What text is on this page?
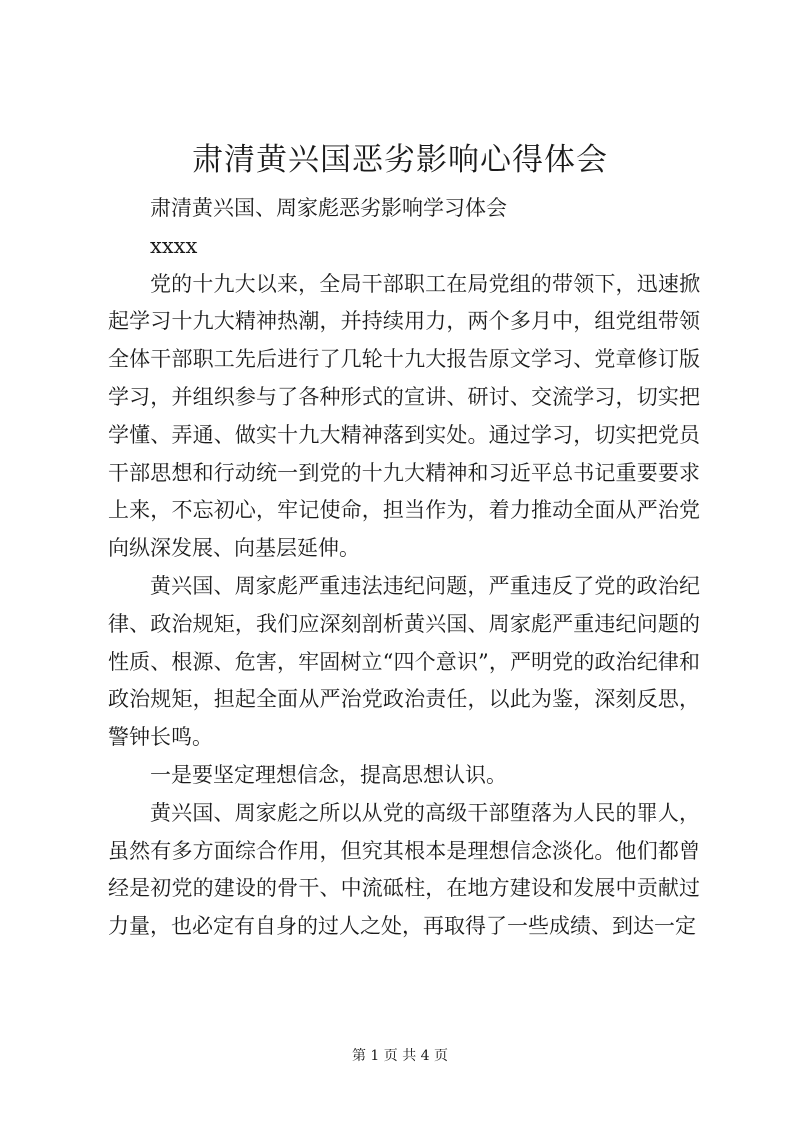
肃清黄兴国恶劣影响心得体会

肃清黄兴国、周家彪恶劣影响学习体会

xxxx

党的十九大以来，全局干部职工在局党组的带领下，迅速掀起学习十九大精神热潮，并持续用力，两个多月中，组党组带领全体干部职工先后进行了几轮十九大报告原文学习、党章修订版学习，并组织参与了各种形式的宣讲、研讨、交流学习，切实把学懂、弄通、做实十九大精神落到实处。通过学习，切实把党员干部思想和行动统一到党的十九大精神和习近平总书记重要要求上来，不忘初心，牢记使命，担当作为，着力推动全面从严治党向纵深发展、向基层延伸。

黄兴国、周家彪严重违法违纪问题，严重违反了党的政治纪律、政治规矩，我们应深刻剖析黄兴国、周家彪严重违纪问题的性质、根源、危害，牢固树立“四个意识”，严明党的政治纪律和政治规矩，担起全面从严治党政治责任，以此为鉴，深刻反思，警钟长鸣。

一是要坚定理想信念，提高思想认识。

黄兴国、周家彪之所以从党的高级干部堕落为人民的罪人，虽然有多方面综合作用，但究其根本是理想信念淡化。他们都曾经是初党的建设的骨干、中流砥柱，在地方建设和发展中贡献过力量，也必定有自身的过人之处，再取得了一些成绩、到达一定

第 1 页 共 4 页
